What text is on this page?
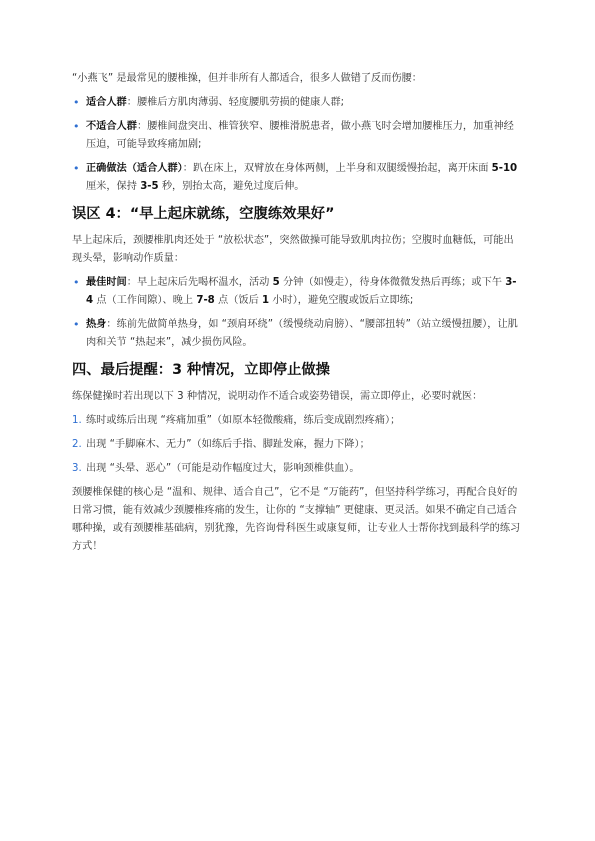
“小燕飞” 是最常见的腰椎操，但并非所有人都适合，很多人做错了反而伤腰：

• 适合人群：腰椎后方肌肉薄弱、轻度腰肌劳损的健康人群;
• 不适合人群：腰椎间盘突出、椎管狭窄、腰椎滑脱患者，做小燕飞时会增加腰椎压力，加重神经压迫，可能导致疼痛加剧;
• 正确做法（适合人群）：趴在床上，双臂放在身体两侧，上半身和双腿缓慢抬起，离开床面 5-10 厘米，保持 3-5 秒，别抬太高，避免过度后伸。
误区 4：“早上起床就练，空腹练效果好”

早上起床后，颈腰椎肌肉还处于 “放松状态”，突然做操可能导致肌肉拉伤；空腹时血糖低，可能出现头晕，影响动作质量：

• 最佳时间：早上起床后先喝杯温水，活动 5 分钟（如慢走），待身体微微发热后再练；或下午 3-4 点（工作间隙）、晚上 7-8 点（饭后 1 小时），避免空腹或饭后立即练;
• 热身：练前先做简单热身，如 “颈肩环绕”（缓慢绕动肩膀）、“腰部扭转”（站立缓慢扭腰），让肌肉和关节 “热起来”，减少损伤风险。
四、最后提醒：3 种情况，立即停止做操

练保健操时若出现以下 3 种情况，说明动作不适合或姿势错误，需立即停止，必要时就医：

1. 练时或练后出现 “疼痛加重”（如原本轻微酸痛，练后变成剧烈疼痛）；
2. 出现 “手脚麻木、无力”（如练后手指、脚趾发麻，握力下降）；
3. 出现 “头晕、恶心”（可能是动作幅度过大，影响颈椎供血）。

颈腰椎保健的核心是 “温和、规律、适合自己”，它不是 “万能药”，但坚持科学练习，再配合良好的日常习惯，能有效减少颈腰椎疼痛的发生，让你的 “支撑轴” 更健康、更灵活。如果不确定自己适合哪种操，或有颈腰椎基础病，别犹豫，先咨询骨科医生或康复师，让专业人士帮你找到最科学的练习方式！
